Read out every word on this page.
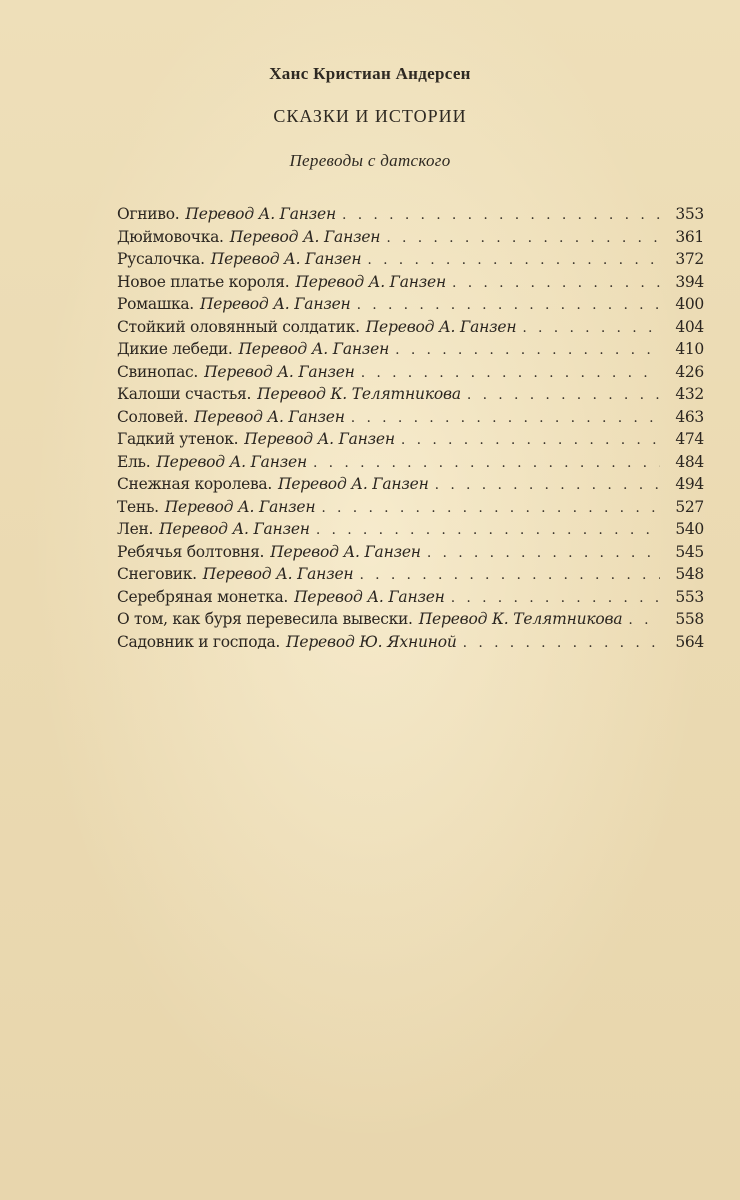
Ханс Кристиан Андерсен
СКАЗКИ И ИСТОРИИ
Переводы с датского
Огниво. Перевод А. Ганзен . . .	353
Дюймовочка. Перевод А. Ганзен . . .	361
Русалочка. Перевод А. Ганзен . . .	372
Новое платье короля. Перевод А. Ганзен . . .	394
Ромашка. Перевод А. Ганзен . . .	400
Стойкий оловянный солдатик. Перевод А. Ганзен . . .	404
Дикие лебеди. Перевод А. Ганзен . . .	410
Свинопас. Перевод А. Ганзен . . .	426
Калоши счастья. Перевод К. Телятникова . . .	432
Соловей. Перевод А. Ганзен . . .	463
Гадкий утенок. Перевод А. Ганзен . . .	474
Ель. Перевод А. Ганзен . . .	484
Снежная королева. Перевод А. Ганзен . . .	494
Тень. Перевод А. Ганзен . . .	527
Лен. Перевод А. Ганзен . . .	540
Ребячья болтовня. Перевод А. Ганзен . . .	545
Снеговик. Перевод А. Ганзен . . .	548
Серебряная монетка. Перевод А. Ганзен . . .	553
О том, как буря перевесила вывески. Перевод К. Телятникова . . .	558
Садовник и господа. Перевод Ю. Яхниной . . .	564
